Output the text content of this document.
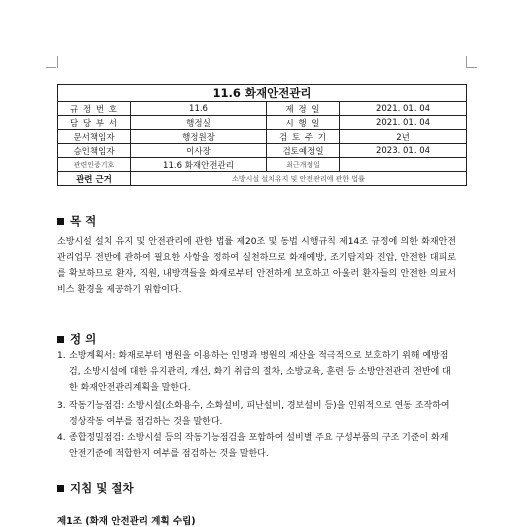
11.6 화재안전관리			
규 정 번 호	11.6	제 정 일	2021. 01. 04
담 당 부 서	행정실	시 행 일	2021. 01. 04
문서책임자	행정원장	검 토 주 기	2년
승인책임자	이사장	검토예정일	2023. 01. 04
관련인증기호	11.6 화재안전관리	최근개정일	
관련 근거	소방시설 설치유지 및 안전관리에 관한 법률		
목 적
소방시설 설치 유지 및 안전관리에 관한 법률 제20조 및 동법 시행규칙 제14조 규정에 의한 화재안전 관리업무 전반에 관하여 필요한 사항을 정하여 실천하므로 화재예방, 조기탐지와 진압, 안전한 대피로를 확보하므로 환자, 직원, 내방객들을 화재로부터 안전하게 보호하고 아울러 환자들의 안전한 의료서비스 환경을 제공하기 위함이다.
정 의
1. 소방계획서: 화재로부터 병원을 이용하는 인명과 병원의 재산을 적극적으로 보호하기 위해 예방점검, 소방시설에 대한 유지관리, 개선, 화기 취급의 절차, 소방교육, 훈련 등 소방안전관리 전반에 대한 화재안전관리계획을 말한다.
3. 작동기능점검: 소방시설(소화용수, 소화설비, 피난설비, 경보설비 등)을 인위적으로 연동 조작하여 정상작동 여부를 점검하는 것을 말한다.
4. 종합정밀점검: 소방시설 등의 작동기능점검을 포함하여 설비별 주요 구성부품의 구조 기준이 화재안전기준에 적합한지 여부를 점검하는 것을 말한다.
지침 및 절차
제1조 (화재 안전관리 계획 수립)
